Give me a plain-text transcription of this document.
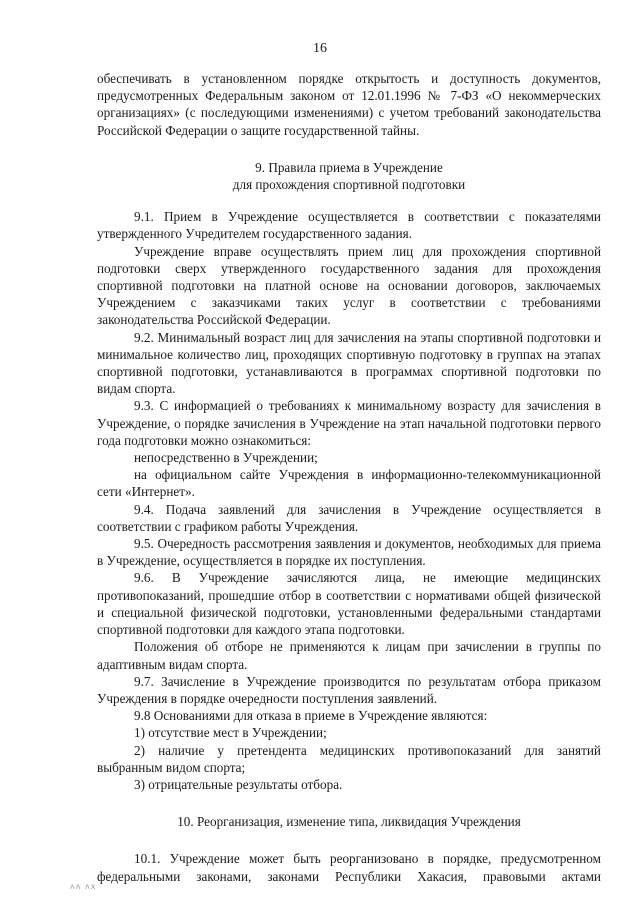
16

обеспечивать в установленном порядке открытость и доступность документов, предусмотренных Федеральным законом от 12.01.1996 № 7-ФЗ «О некоммерческих организациях» (с последующими изменениями) с учетом требований законодательства Российской Федерации о защите государственной тайны.

9. Правила приема в Учреждение

для прохождения спортивной подготовки

9.1. Прием в Учреждение осуществляется в соответствии с показателями утвержденного Учредителем государственного задания.

Учреждение вправе осуществлять прием лиц для прохождения спортивной подготовки сверх утвержденного государственного задания для прохождения спортивной подготовки на платной основе на основании договоров, заключаемых Учреждением с заказчиками таких услуг в соответствии с требованиями законодательства Российской Федерации.

9.2. Минимальный возраст лиц для зачисления на этапы спортивной подготовки и минимальное количество лиц, проходящих спортивную подготовку в группах на этапах спортивной подготовки, устанавливаются в программах спортивной подготовки по видам спорта.

9.3. С информацией о требованиях к минимальному возрасту для зачисления в Учреждение, о порядке зачисления в Учреждение на этап начальной подготовки первого года подготовки можно ознакомиться:

непосредственно в Учреждении;

на официальном сайте Учреждения в информационно-телекоммуникационной сети «Интернет».

9.4. Подача заявлений для зачисления в Учреждение осуществляется в соответствии с графиком работы Учреждения.

9.5. Очередность рассмотрения заявления и документов, необходимых для приема в Учреждение, осуществляется в порядке их поступления.

9.6. В Учреждение зачисляются лица, не имеющие медицинских противопоказаний, прошедшие отбор в соответствии с нормативами общей физической и специальной физической подготовки, установленными федеральными стандартами спортивной подготовки для каждого этапа подготовки.

Положения об отборе не применяются к лицам при зачислении в группы по адаптивным видам спорта.

9.7. Зачисление в Учреждение производится по результатам отбора приказом Учреждения в порядке очередности поступления заявлений.

9.8 Основаниями для отказа в приеме в Учреждение являются:

1) отсутствие мест в Учреждении;

2) наличие у претендента медицинских противопоказаний для занятий выбранным видом спорта;

3) отрицательные результаты отбора.

10. Реорганизация, изменение типа, ликвидация Учреждения

10.1. Учреждение может быть реорганизовано в порядке, предусмотренном федеральными законами, законами Республики Хакасия, правовыми актами

ʌʌ ʌx
